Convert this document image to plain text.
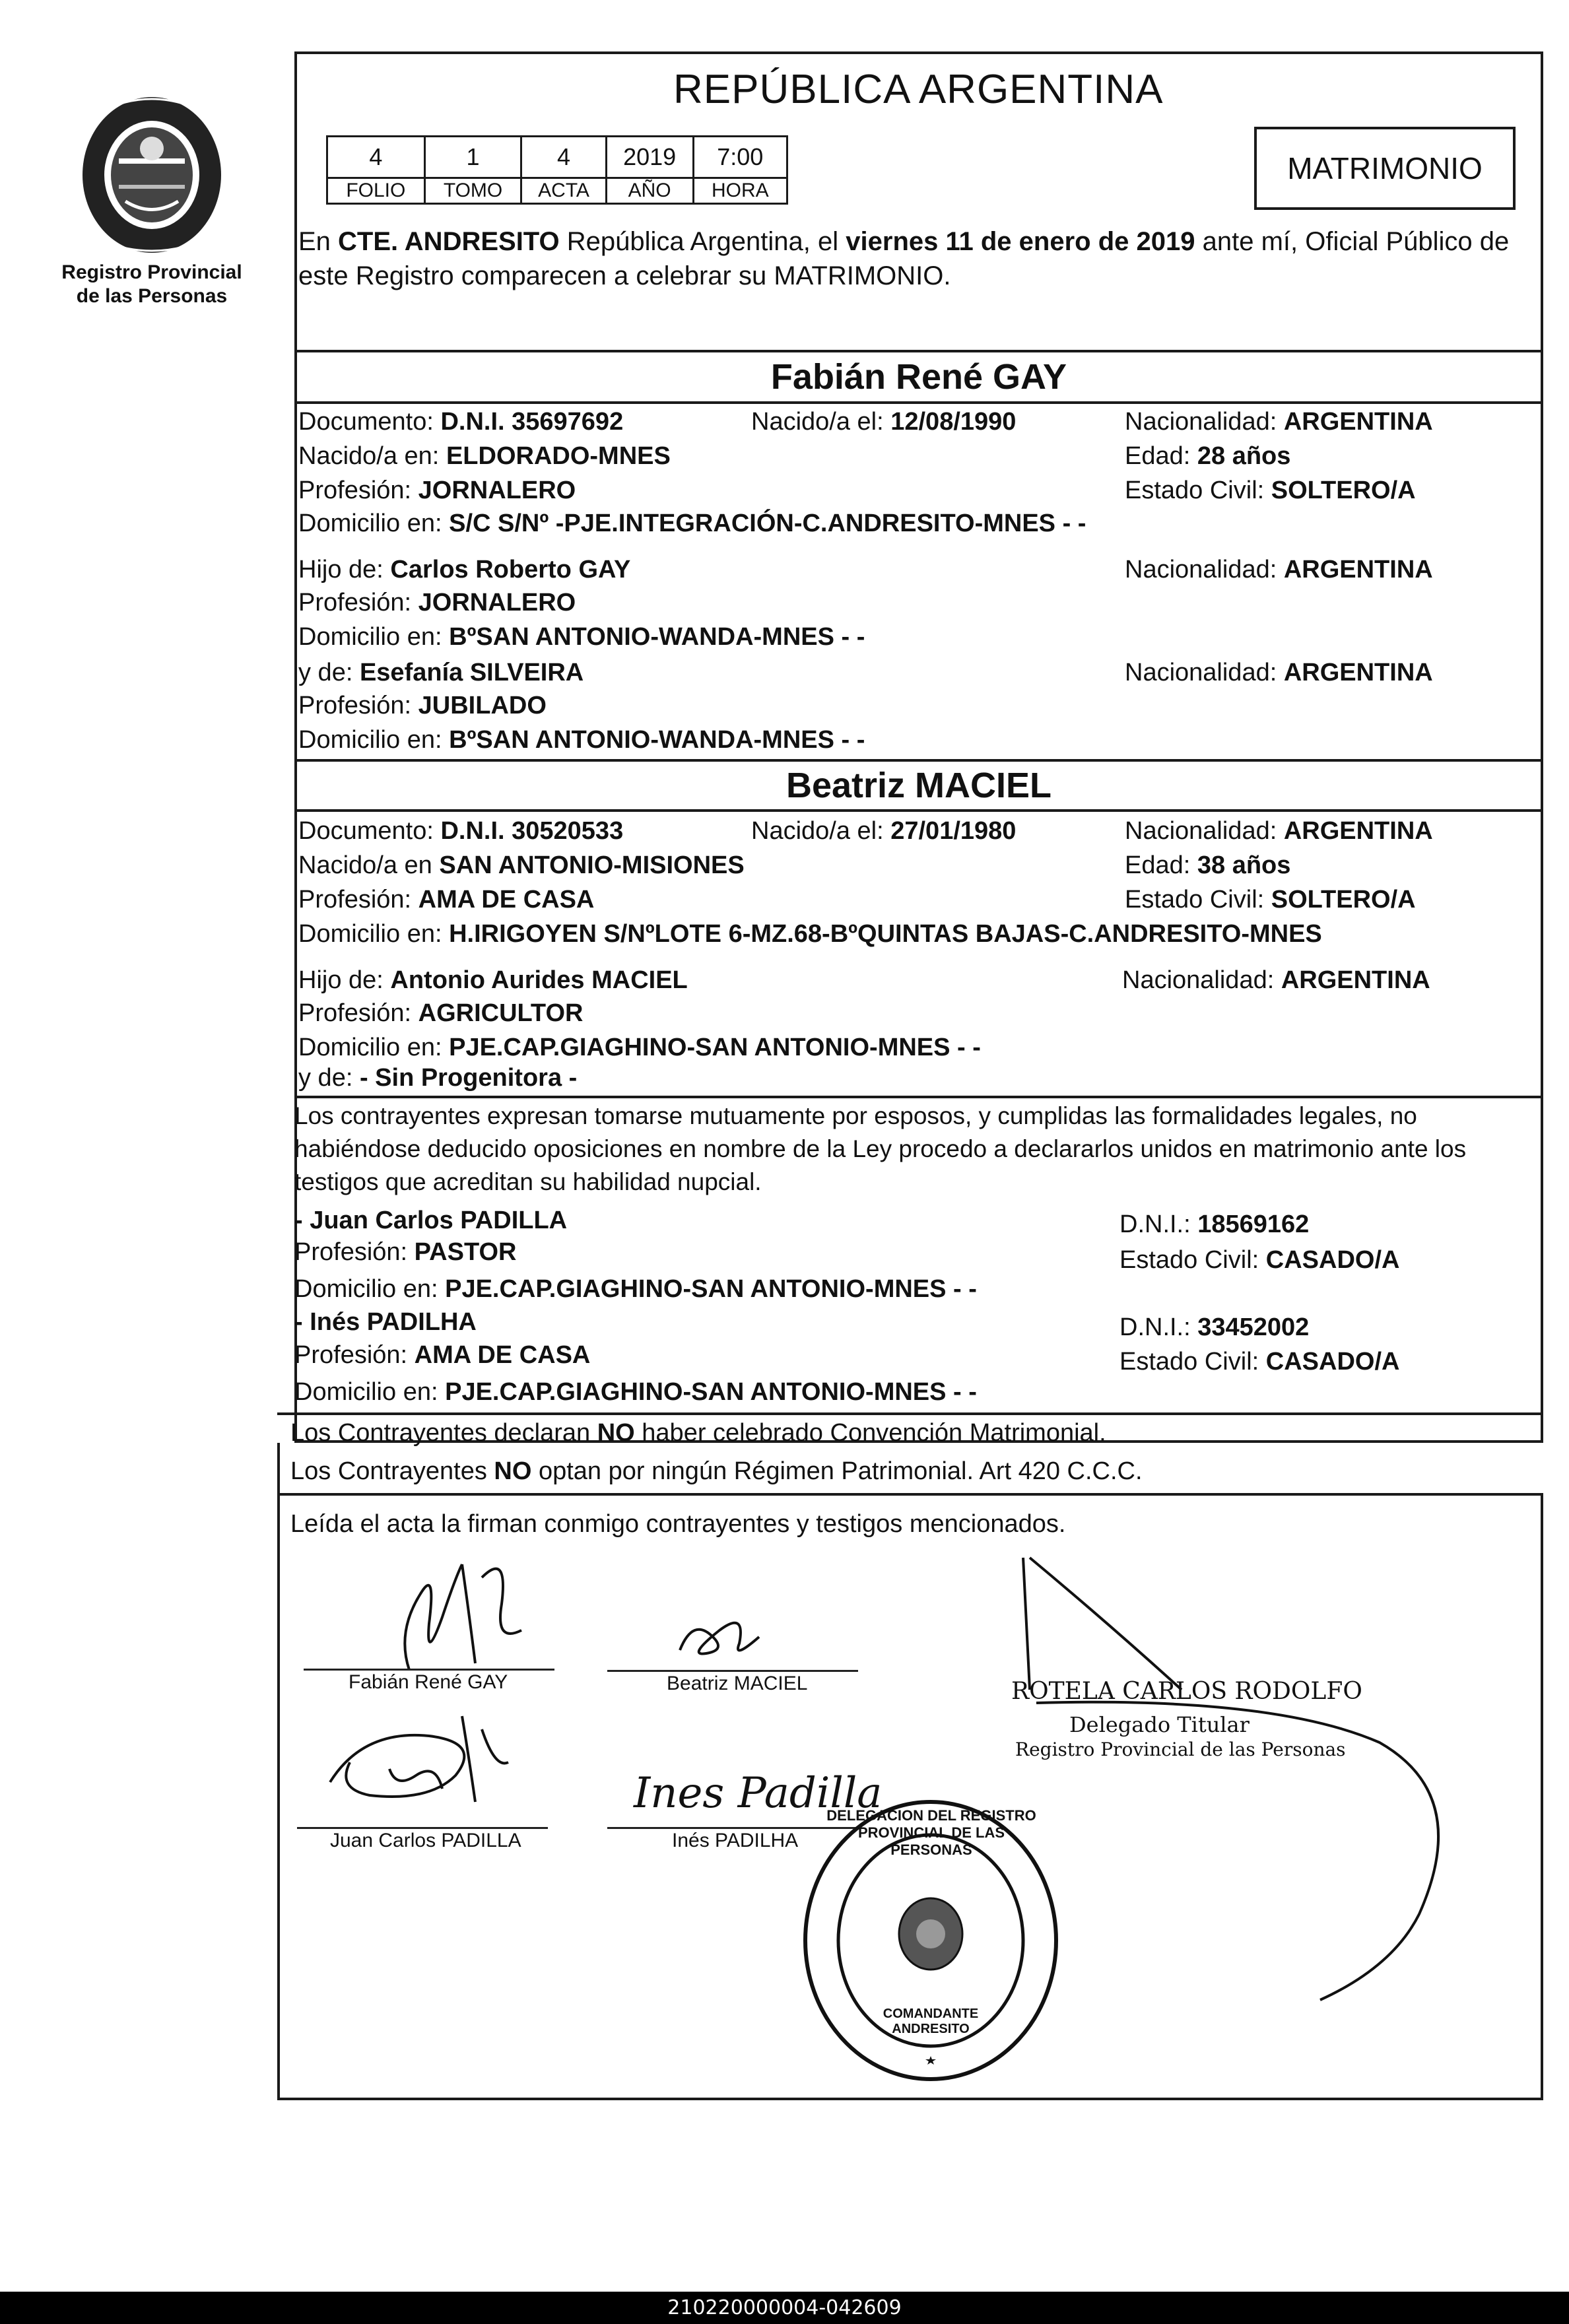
Registro Provincial de las Personas
REPÚBLICA ARGENTINA
4	1	4	2019	7:00
FOLIO	TOMO	ACTA	AÑO	HORA
MATRIMONIO
En CTE. ANDRESITO República Argentina, el viernes 11 de enero de 2019 ante mí, Oficial Público de este Registro comparecen a celebrar su MATRIMONIO.
Fabián René GAY
Documento: D.N.I. 35697692	Nacido/a el: 12/08/1990	Nacionalidad: ARGENTINA
Nacido/a en: ELDORADO-MNES	Edad: 28 años
Profesión: JORNALERO	Estado Civil: SOLTERO/A
Domicilio en: S/C S/Nº -PJE.INTEGRACIÓN-C.ANDRESITO-MNES - -
Hijo de: Carlos Roberto GAY	Nacionalidad: ARGENTINA
Profesión: JORNALERO
Domicilio en: BºSAN ANTONIO-WANDA-MNES - -
y de: Esefanía SILVEIRA	Nacionalidad: ARGENTINA
Profesión: JUBILADO
Domicilio en: BºSAN ANTONIO-WANDA-MNES - -
Beatriz MACIEL
Documento: D.N.I. 30520533	Nacido/a el: 27/01/1980	Nacionalidad: ARGENTINA
Nacido/a en SAN ANTONIO-MISIONES	Edad: 38 años
Profesión: AMA DE CASA	Estado Civil: SOLTERO/A
Domicilio en: H.IRIGOYEN S/NºLOTE 6-MZ.68-BºQUINTAS BAJAS-C.ANDRESITO-MNES
Hijo de: Antonio Aurides MACIEL	Nacionalidad: ARGENTINA
Profesión: AGRICULTOR
Domicilio en: PJE.CAP.GIAGHINO-SAN ANTONIO-MNES - -
y de: - Sin Progenitora -
Los contrayentes expresan tomarse mutuamente por esposos, y cumplidas las formalidades legales, no habiéndose deducido oposiciones en nombre de la Ley procedo a declararlos unidos en matrimonio ante los testigos que acreditan su habilidad nupcial.
- Juan Carlos PADILLA	D.N.I.: 18569162
Profesión: PASTOR	Estado Civil: CASADO/A
Domicilio en: PJE.CAP.GIAGHINO-SAN ANTONIO-MNES - -
- Inés PADILHA	D.N.I.: 33452002
Profesión: AMA DE CASA	Estado Civil: CASADO/A
Domicilio en: PJE.CAP.GIAGHINO-SAN ANTONIO-MNES - -
Los Contrayentes declaran NO haber celebrado Convención Matrimonial.
Los Contrayentes NO optan por ningún Régimen Patrimonial. Art 420 C.C.C.
Leída el acta la firman conmigo contrayentes y testigos mencionados.
Fabián René GAY	Beatriz MACIEL
Juan Carlos PADILLA
Ines Padilla
Inés PADILHA
ROTELA CARLOS RODOLFO
Delegado Titular
Registro Provincial de las Personas
DELEGACION DEL REGISTRO PROVINCIAL DE LAS PERSONAS
COMANDANTE ANDRESITO
210220000004-042609
